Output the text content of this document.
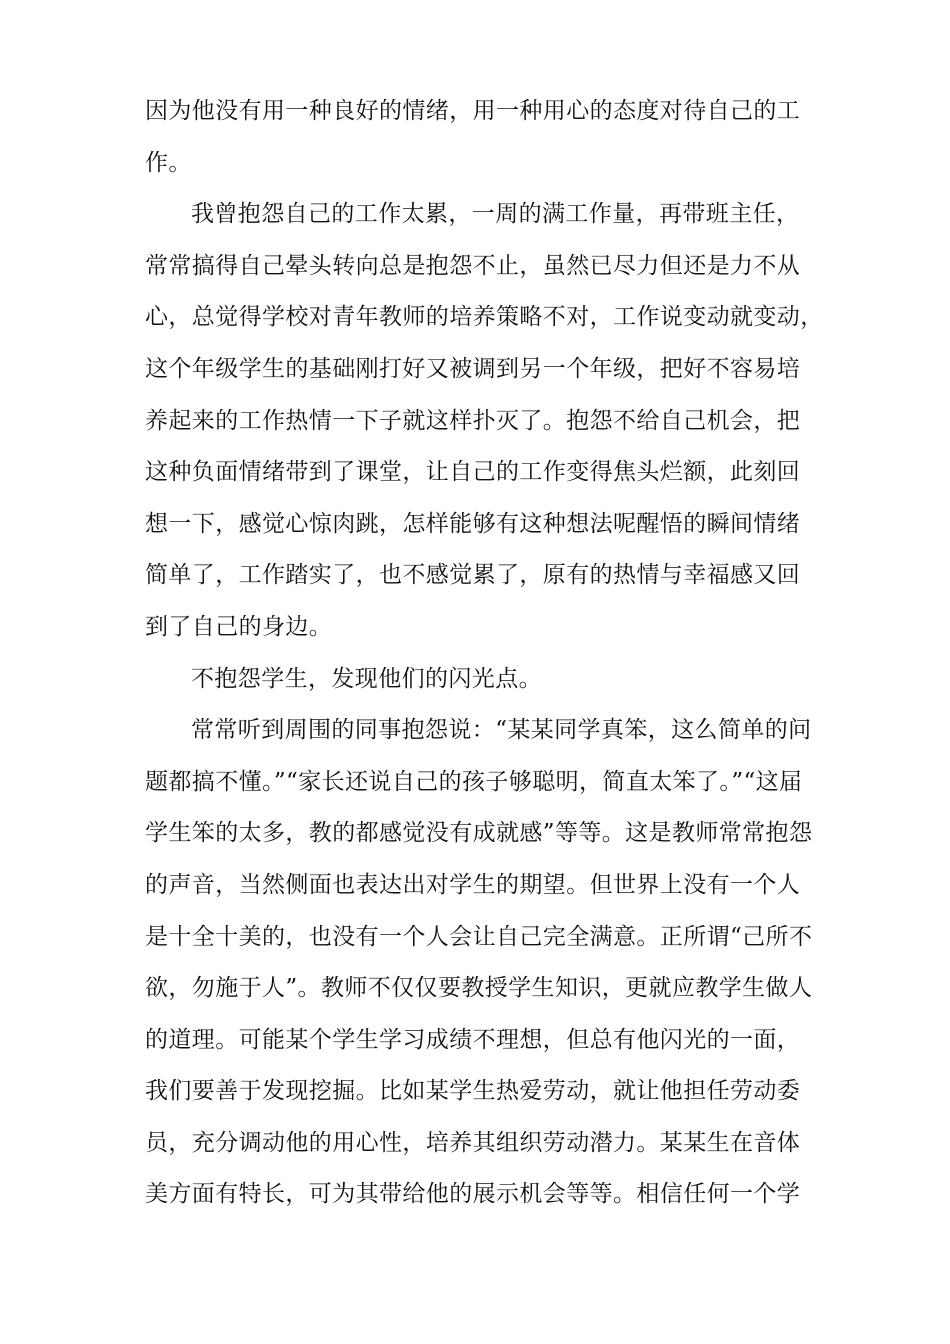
因为他没有用一种良好的情绪，用一种用心的态度对待自己的工
作。
我曾抱怨自己的工作太累，一周的满工作量，再带班主任，
常常搞得自己晕头转向总是抱怨不止，虽然已尽力但还是力不从
心，总觉得学校对青年教师的培养策略不对，工作说变动就变动，
这个年级学生的基础刚打好又被调到另一个年级，把好不容易培
养起来的工作热情一下子就这样扑灭了。抱怨不给自己机会，把
这种负面情绪带到了课堂，让自己的工作变得焦头烂额，此刻回
想一下，感觉心惊肉跳，怎样能够有这种想法呢醒悟的瞬间情绪
简单了，工作踏实了，也不感觉累了，原有的热情与幸福感又回
到了自己的身边。
不抱怨学生，发现他们的闪光点。
常常听到周围的同事抱怨说：“某某同学真笨，这么简单的问
题都搞不懂。”“家长还说自己的孩子够聪明，简直太笨了。”“这届
学生笨的太多，教的都感觉没有成就感”等等。这是教师常常抱怨
的声音，当然侧面也表达出对学生的期望。但世界上没有一个人
是十全十美的，也没有一个人会让自己完全满意。正所谓“己所不
欲，勿施于人”。教师不仅仅要教授学生知识，更就应教学生做人
的道理。可能某个学生学习成绩不理想，但总有他闪光的一面，
我们要善于发现挖掘。比如某学生热爱劳动，就让他担任劳动委
员，充分调动他的用心性，培养其组织劳动潜力。某某生在音体
美方面有特长，可为其带给他的展示机会等等。相信任何一个学
